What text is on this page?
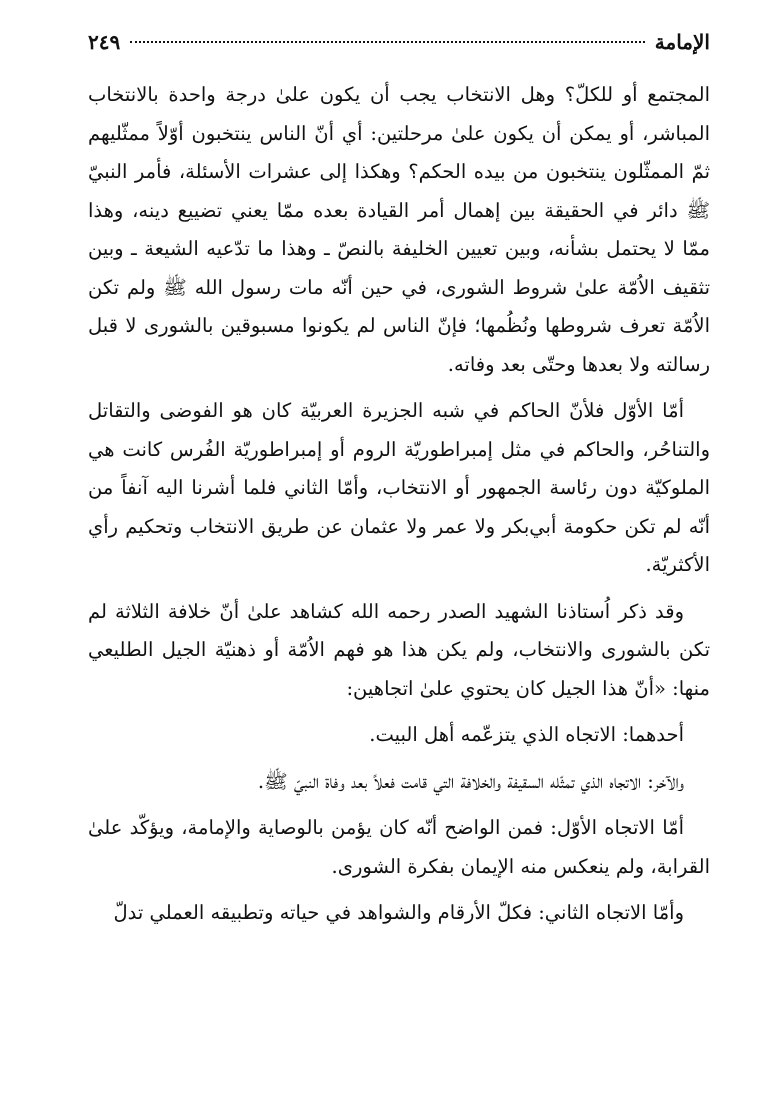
الإمامة
٢٤٩

المجتمع أو للكلّ؟ وهل الانتخاب يجب أن يكون علىٰ درجة واحدة بالانتخاب المباشر، أو يمكن أن يكون علىٰ مرحلتين: أي أنّ الناس ينتخبون أوّلاً ممثّليهم ثمّ الممثّلون ينتخبون من بيده الحكم؟ وهكذا إلى عشرات الأسئلة، فأمر النبيّ ﷺ دائر في الحقيقة بين إهمال أمر القيادة بعده ممّا يعني تضييع دينه، وهذا ممّا لا يحتمل بشأنه، وبين تعيين الخليفة بالنصّ ـ وهذا ما تدّعيه الشيعة ـ وبين تثقيف الاُمّة علىٰ شروط الشورى، في حين أنّه مات رسول الله ﷺ ولم تكن الاُمّة تعرف شروطها ونُظُمها؛ فإنّ الناس لم يكونوا مسبوقين بالشورى لا قبل رسالته ولا بعدها وحتّى بعد وفاته.

أمّا الأوّل فلأنّ الحاكم في شبه الجزيرة العربيّة كان هو الفوضى والتقاتل والتناحُر، والحاكم في مثل إمبراطوريّة الروم أو إمبراطوريّة الفُرس كانت هي الملوكيّة دون رئاسة الجمهور أو الانتخاب، وأمّا الثاني فلما أشرنا اليه آنفاً من أنّه لم تكن حكومة أبي‌بكر ولا عمر ولا عثمان عن طريق الانتخاب وتحكيم رأي الأكثريّة.

وقد ذكر اُستاذنا الشهيد الصدر رحمه الله كشاهد علىٰ أنّ خلافة الثلاثة لم تكن بالشورى والانتخاب، ولم يكن هذا هو فهم الاُمّة أو ذهنيّة الجيل الطليعي منها: «أنّ هذا الجيل كان يحتوي علىٰ اتجاهين:

أحدهما: الاتجاه الذي يتزعّمه أهل البيت.

والآخر: الاتجاه الذي تمثّله السقيفة والخلافة التي قامت فعلاً بعد وفاة النبيّ ﷺ.

أمّا الاتجاه الأوّل: فمن الواضح أنّه كان يؤمن بالوصاية والإمامة، ويؤكّد علىٰ القرابة، ولم ينعكس منه الإيمان بفكرة الشورى.

وأمّا الاتجاه الثاني: فكلّ الأرقام والشواهد في حياته وتطبيقه العملي تدلّ
